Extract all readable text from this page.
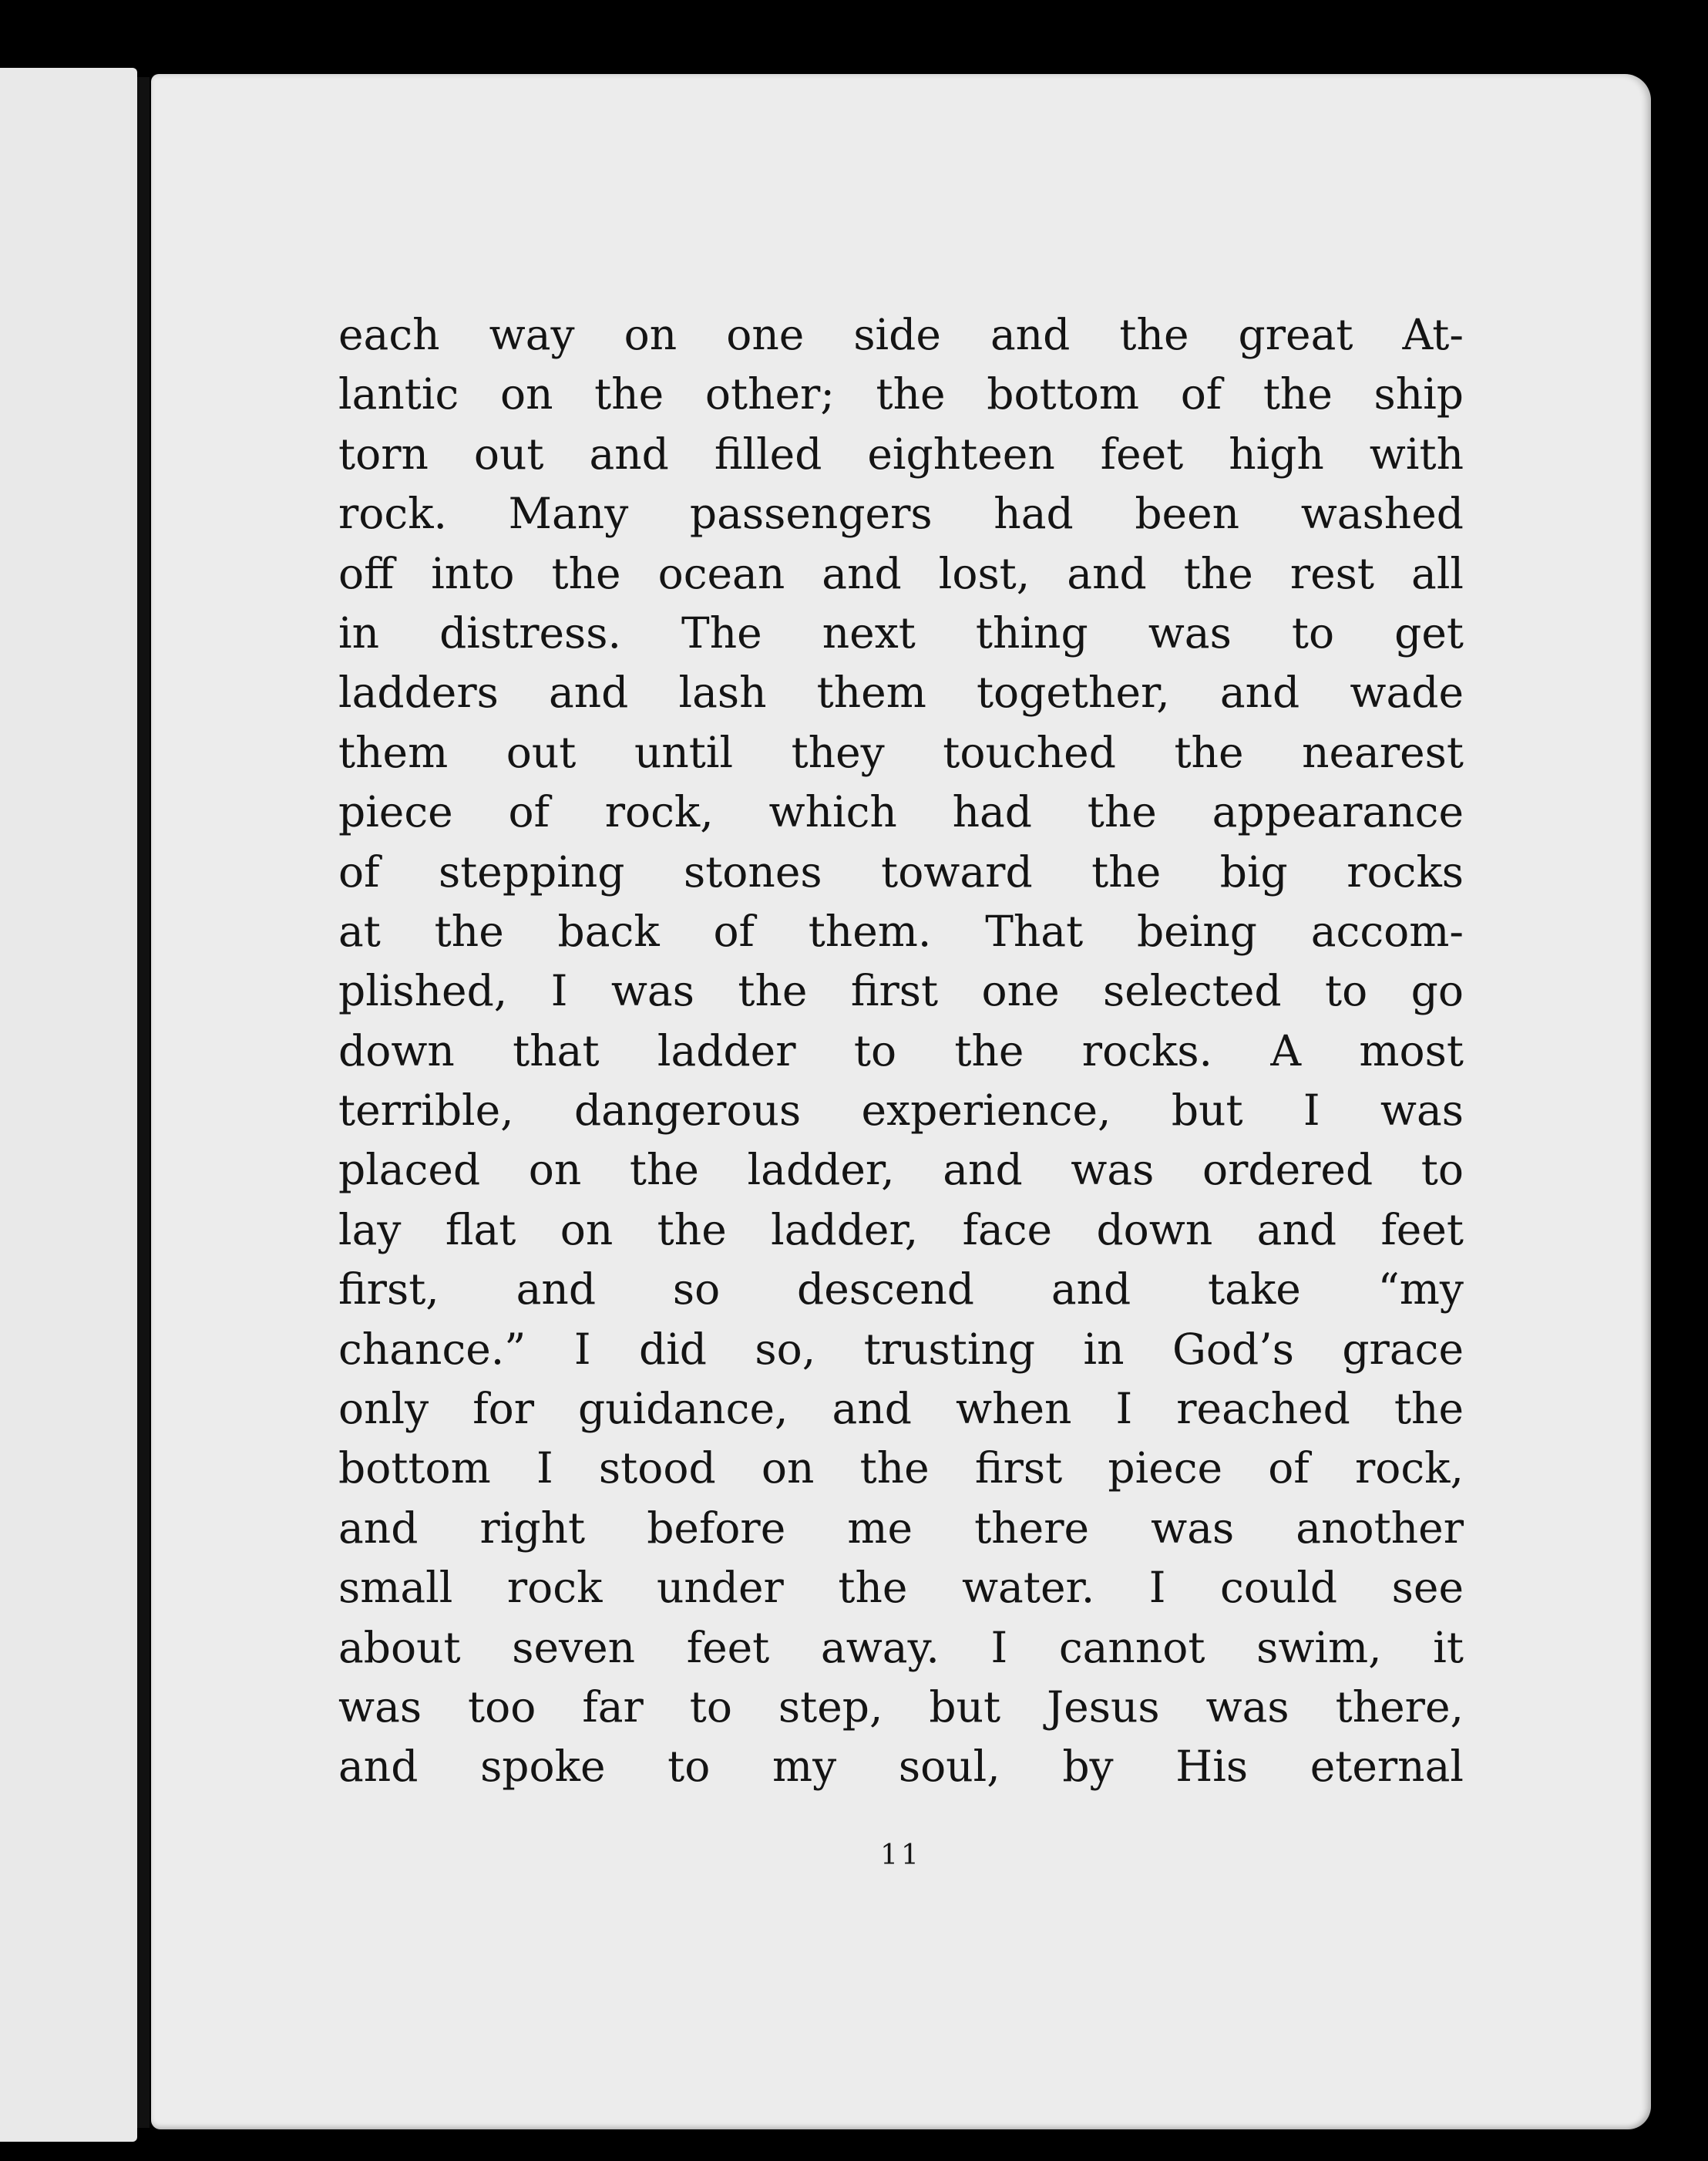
each way on one side and the great At-
lantic on the other; the bottom of the ship
torn out and filled eighteen feet high with
rock. Many passengers had been washed
off into the ocean and lost, and the rest all
in distress. The next thing was to get
ladders and lash them together, and wade
them out until they touched the nearest
piece of rock, which had the appearance
of stepping stones toward the big rocks
at the back of them. That being accom-
plished, I was the first one selected to go
down that ladder to the rocks. A most
terrible, dangerous experience, but I was
placed on the ladder, and was ordered to
lay flat on the ladder, face down and feet
first, and so descend and take “my
chance.” I did so, trusting in God’s grace
only for guidance, and when I reached the
bottom I stood on the first piece of rock,
and right before me there was another
small rock under the water. I could see
about seven feet away. I cannot swim, it
was too far to step, but Jesus was there,
and spoke to my soul, by His eternal
11
